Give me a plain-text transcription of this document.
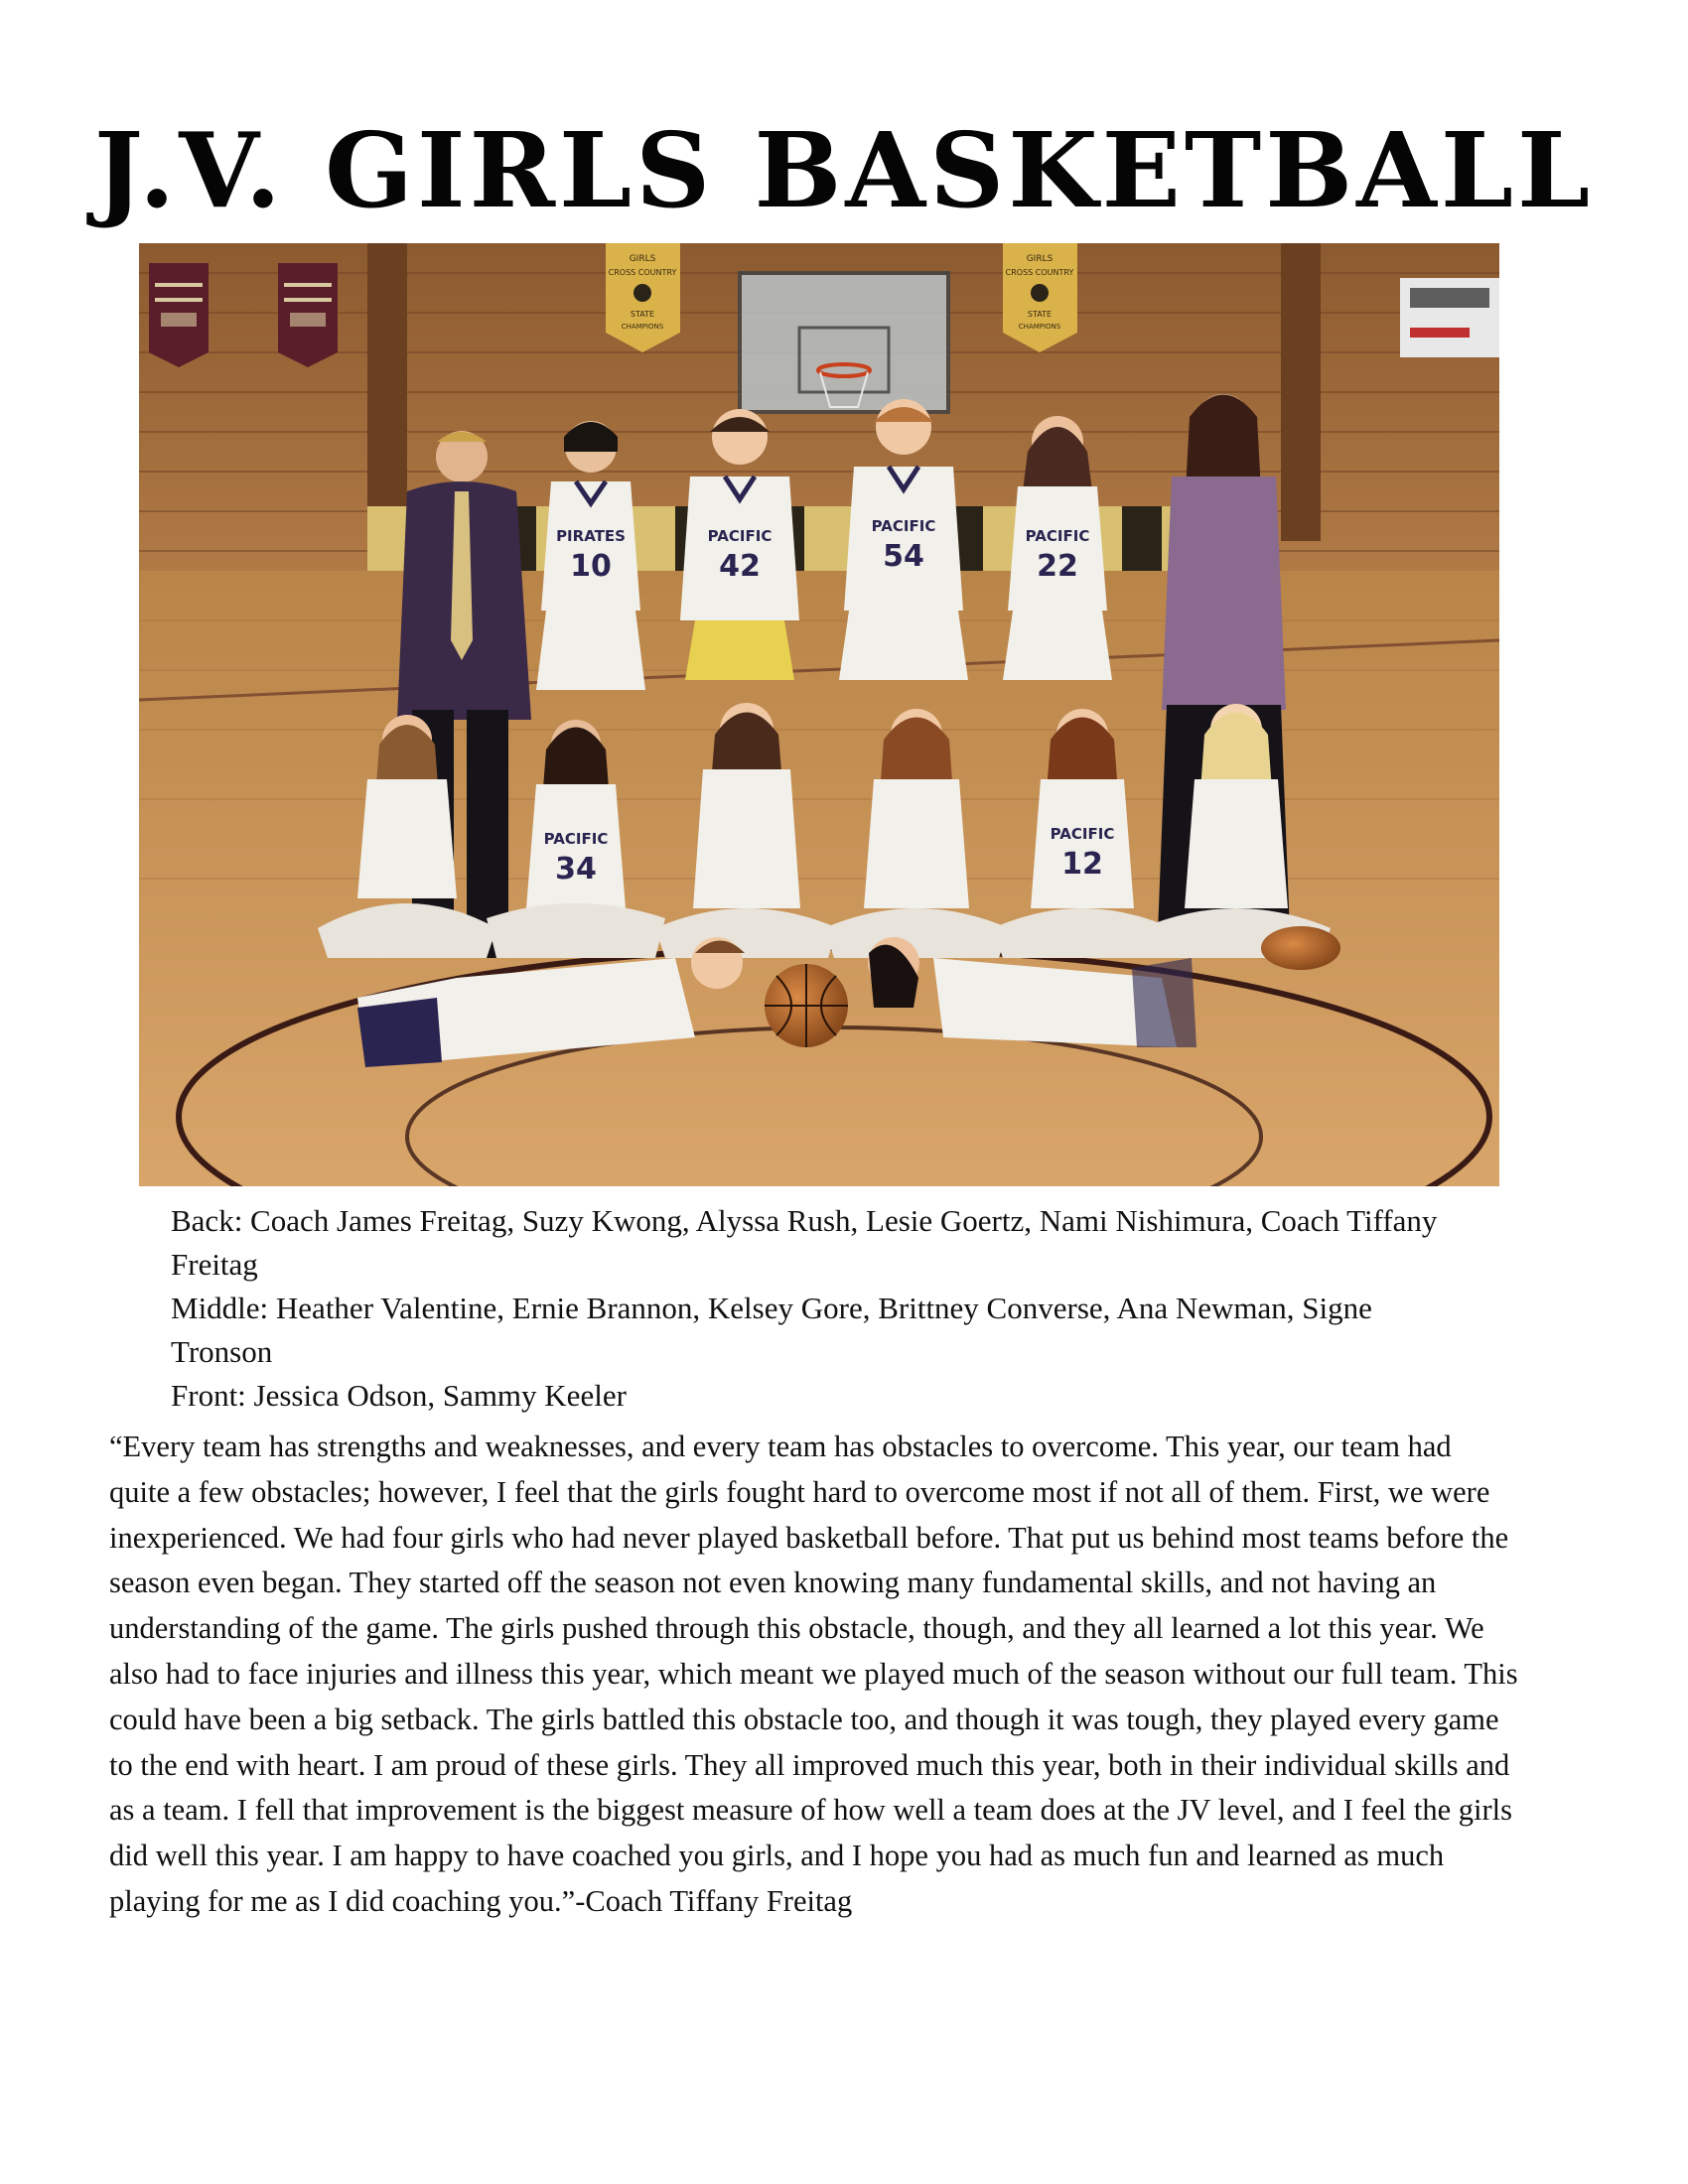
J.V. GIRLS BASKETBALL
GIRLS
CROSS COUNTRY
STATE
CHAMPIONS
GIRLS
CROSS COUNTRY
STATE
CHAMPIONS
PIRATES
10
PACIFIC
42
PACIFIC
54
PACIFIC
22
PACIFIC
34
PACIFIC
12

Back: Coach James Freitag, Suzy Kwong, Alyssa Rush, Lesie Goertz, Nami Nishimura, Coach Tiffany Freitag

Middle: Heather Valentine, Ernie Brannon, Kelsey Gore, Brittney Converse, Ana Newman, Signe Tronson

Front: Jessica Odson, Sammy Keeler

“Every team has strengths and weaknesses, and every team has obstacles to overcome. This year, our team had quite a few obstacles; however, I feel that the girls fought hard to overcome most if not all of them. First, we were inexperienced. We had four girls who had never played basketball before. That put us behind most teams before the season even began. They started off the season not even knowing many fundamental skills, and not having an understanding of the game. The girls pushed through this obstacle, though, and they all learned a lot this year. We also had to face injuries and illness this year, which meant we played much of the season without our full team. This could have been a big setback. The girls battled this obstacle too, and though it was tough, they played every game to the end with heart. I am proud of these girls. They all improved much this year, both in their individual skills and as a team. I fell that improvement is the biggest measure of how well a team does at the JV level, and I feel the girls did well this year. I am happy to have coached you girls, and I hope you had as much fun and learned as much playing for me as I did coaching you.”-Coach Tiffany Freitag
